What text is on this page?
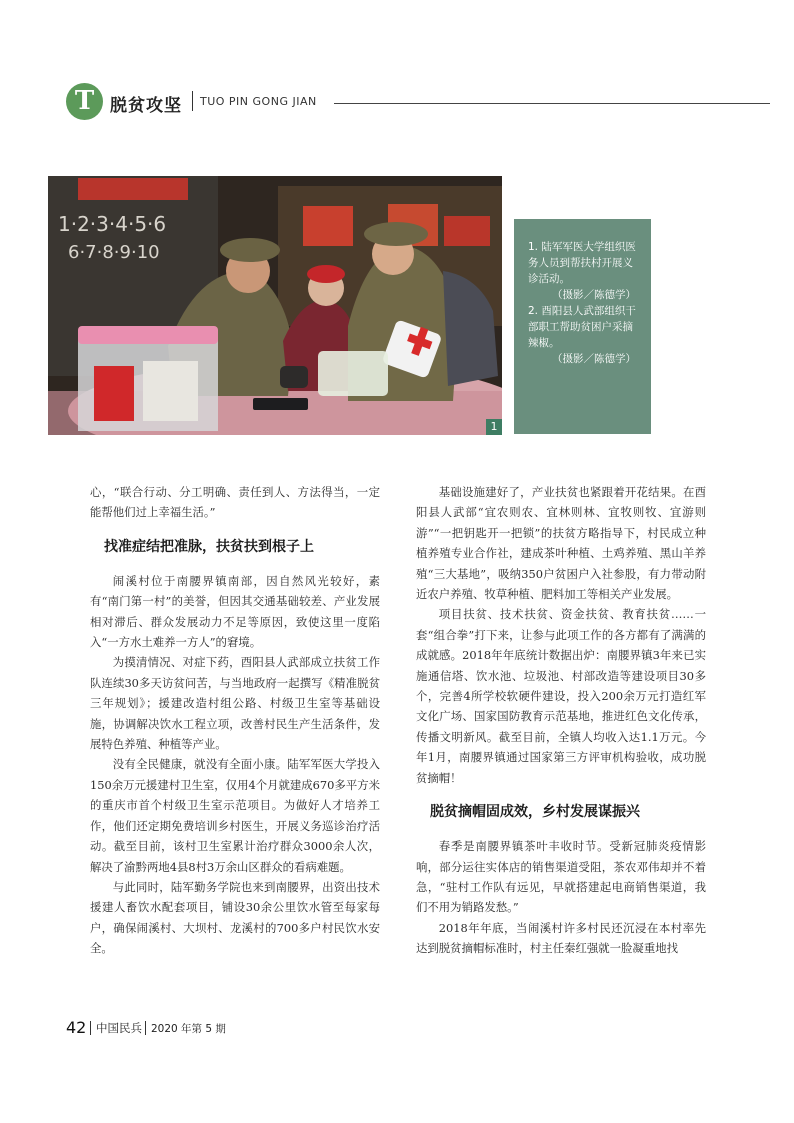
T 脱贫攻坚 TUO PIN GONG JIAN
1·2·3·4·5·6
6·7·8·9·10
1

1. 陆军军医大学组织医务人员到帮扶村开展义诊活动。

（摄影／陈德学）

2. 酉阳县人武部组织干部职工帮助贫困户采摘辣椒。

（摄影／陈德学）

心，“联合行动、分工明确、责任到人、方法得当，一定能帮他们过上幸福生活。”

找准症结把准脉，扶贫扶到根子上

闹溪村位于南腰界镇南部，因自然风光较好，素有“南门第一村”的美誉，但因其交通基础较差、产业发展相对滞后、群众发展动力不足等原因，致使这里一度陷入“一方水土难养一方人”的窘境。

为摸清情况、对症下药，酉阳县人武部成立扶贫工作队连续30多天访贫问苦，与当地政府一起撰写《精准脱贫三年规划》；援建改造村组公路、村级卫生室等基础设施，协调解决饮水工程立项，改善村民生产生活条件，发展特色养殖、种植等产业。

没有全民健康，就没有全面小康。陆军军医大学投入150余万元援建村卫生室，仅用4个月就建成670多平方米的重庆市首个村级卫生室示范项目。为做好人才培养工作，他们还定期免费培训乡村医生，开展义务巡诊治疗活动。截至目前，该村卫生室累计治疗群众3000余人次，解决了渝黔两地4县8村3万余山区群众的看病难题。

与此同时，陆军勤务学院也来到南腰界，出资出技术援建人畜饮水配套项目，铺设30余公里饮水管至每家每户，确保闹溪村、大坝村、龙溪村的700多户村民饮水安全。

基础设施建好了，产业扶贫也紧跟着开花结果。在酉阳县人武部“宜农则农、宜林则林、宜牧则牧、宜游则游”“一把钥匙开一把锁”的扶贫方略指导下，村民成立种植养殖专业合作社，建成茶叶种植、土鸡养殖、黑山羊养殖“三大基地”，吸纳350户贫困户入社参股，有力带动附近农户养殖、牧草种植、肥料加工等相关产业发展。

项目扶贫、技术扶贫、资金扶贫、教育扶贫……一套“组合拳”打下来，让参与此项工作的各方都有了满满的成就感。2018年年底统计数据出炉：南腰界镇3年来已实施通信塔、饮水池、垃圾池、村部改造等建设项目30多个，完善4所学校软硬件建设，投入200余万元打造红军文化广场、国家国防教育示范基地，推进红色文化传承，传播文明新风。截至目前，全镇人均收入达1.1万元。今年1月，南腰界镇通过国家第三方评审机构验收，成功脱贫摘帽！

脱贫摘帽固成效，乡村发展谋振兴

春季是南腰界镇茶叶丰收时节。受新冠肺炎疫情影响，部分运往实体店的销售渠道受阻，茶农邓伟却并不着急，“驻村工作队有远见，早就搭建起电商销售渠道，我们不用为销路发愁。”

2018年年底，当闹溪村许多村民还沉浸在本村率先达到脱贫摘帽标准时，村主任秦红强就一脸凝重地找

42 中国民兵 2020 年第 5 期
